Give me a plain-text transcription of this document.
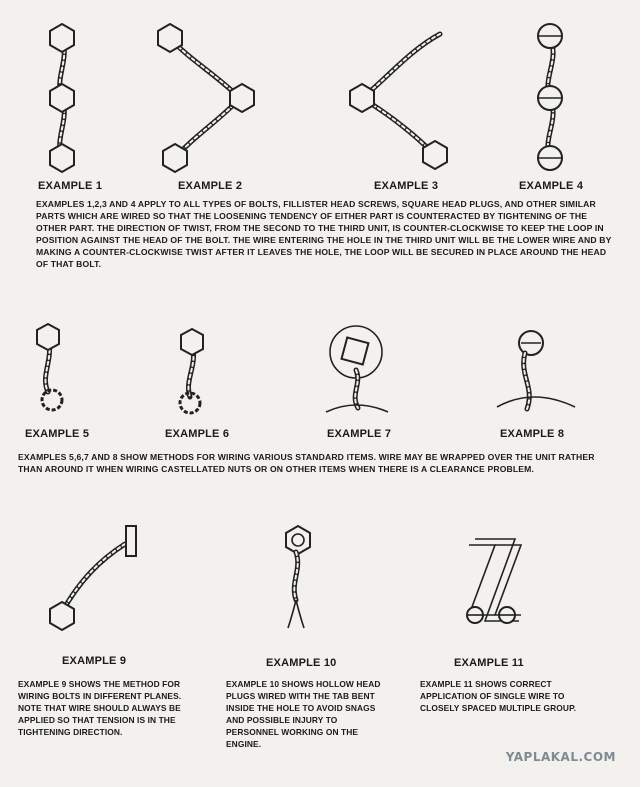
EXAMPLE 1	EXAMPLE 2	EXAMPLE 3	EXAMPLE 4
EXAMPLES 1,2,3 AND 4 APPLY TO ALL TYPES OF BOLTS, FILLISTER HEAD SCREWS, SQUARE HEAD PLUGS, AND OTHER SIMILAR PARTS WHICH ARE WIRED SO THAT THE LOOSENING TENDENCY OF EITHER PART IS COUNTERACTED BY TIGHTENING OF THE OTHER PART. THE DIRECTION OF TWIST, FROM THE SECOND TO THE THIRD UNIT, IS COUNTER-CLOCKWISE TO KEEP THE LOOP IN POSITION AGAINST THE HEAD OF THE BOLT. THE WIRE ENTERING THE HOLE IN THE THIRD UNIT WILL BE THE LOWER WIRE AND BY MAKING A COUNTER-CLOCKWISE TWIST AFTER IT LEAVES THE HOLE, THE LOOP WILL BE SECURED IN PLACE AROUND THE HEAD OF THAT BOLT.
EXAMPLE 5	EXAMPLE 6	EXAMPLE 7	EXAMPLE 8
EXAMPLES 5,6,7 AND 8 SHOW METHODS FOR WIRING VARIOUS STANDARD ITEMS. WIRE MAY BE WRAPPED OVER THE UNIT RATHER THAN AROUND IT WHEN WIRING CASTELLATED NUTS OR ON OTHER ITEMS WHEN THERE IS A CLEARANCE PROBLEM.
EXAMPLE 9	EXAMPLE 10	EXAMPLE 11
EXAMPLE 9 SHOWS THE METHOD FOR WIRING BOLTS IN DIFFERENT PLANES. NOTE THAT WIRE SHOULD ALWAYS BE APPLIED SO THAT TENSION IS IN THE TIGHTENING DIRECTION.
EXAMPLE 10 SHOWS HOLLOW HEAD PLUGS WIRED WITH THE TAB BENT INSIDE THE HOLE TO AVOID SNAGS AND POSSIBLE INJURY TO PERSONNEL WORKING ON THE ENGINE.
EXAMPLE 11 SHOWS CORRECT APPLICATION OF SINGLE WIRE TO CLOSELY SPACED MULTIPLE GROUP.
YAPLAKAL.COM
